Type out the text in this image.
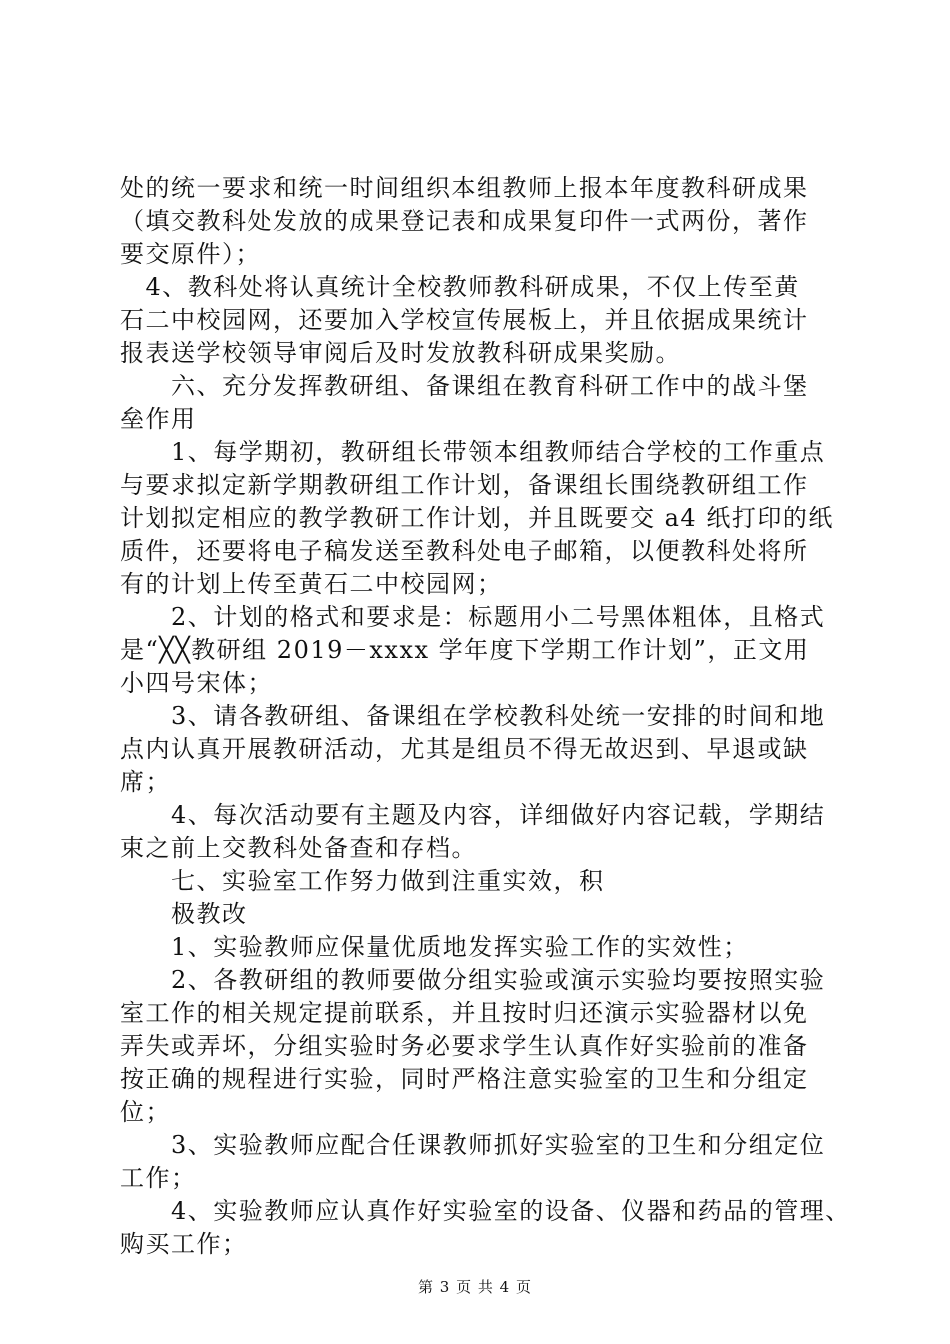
处的统一要求和统一时间组织本组教师上报本年度教科研成果
（填交教科处发放的成果登记表和成果复印件一式两份，著作
要交原件）；
　4、教科处将认真统计全校教师教科研成果，不仅上传至黄
石二中校园网，还要加入学校宣传展板上，并且依据成果统计
报表送学校领导审阅后及时发放教科研成果奖励。
　　六、充分发挥教研组、备课组在教育科研工作中的战斗堡
垒作用
　　1、每学期初，教研组长带领本组教师结合学校的工作重点
与要求拟定新学期教研组工作计划，备课组长围绕教研组工作
计划拟定相应的教学教研工作计划，并且既要交 a4 纸打印的纸
质件，还要将电子稿发送至教科处电子邮箱，以便教科处将所
有的计划上传至黄石二中校园网；
　　2、计划的格式和要求是：标题用小二号黑体粗体，且格式
是“╳╳教研组 2019－xxxx 学年度下学期工作计划”，正文用
小四号宋体；
　　3、请各教研组、备课组在学校教科处统一安排的时间和地
点内认真开展教研活动，尤其是组员不得无故迟到、早退或缺
席；
　　4、每次活动要有主题及内容，详细做好内容记载，学期结
束之前上交教科处备查和存档。
　　七、实验室工作努力做到注重实效，积
　　极教改
　　1、实验教师应保量优质地发挥实验工作的实效性；
　　2、各教研组的教师要做分组实验或演示实验均要按照实验
室工作的相关规定提前联系，并且按时归还演示实验器材以免
弄失或弄坏，分组实验时务必要求学生认真作好实验前的准备
按正确的规程进行实验，同时严格注意实验室的卫生和分组定
位；
　　3、实验教师应配合任课教师抓好实验室的卫生和分组定位
工作；
　　4、实验教师应认真作好实验室的设备、仪器和药品的管理、
购买工作；
第 3 页 共 4 页
